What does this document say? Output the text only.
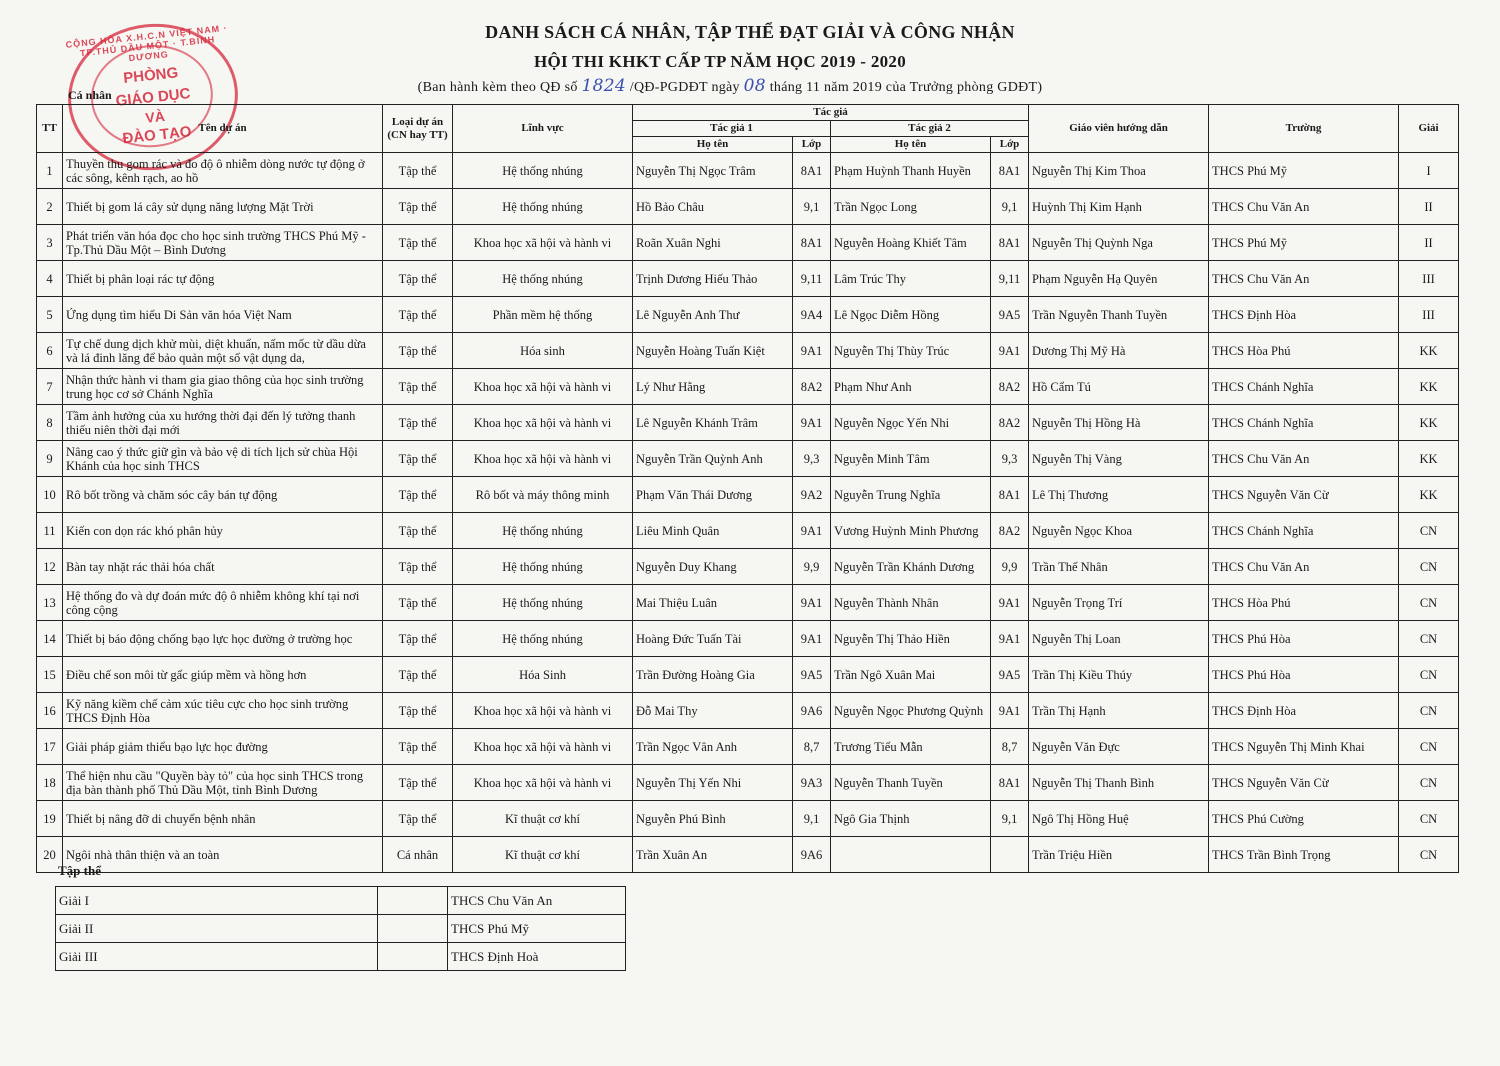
CỘNG HÒA X.H.C.N VIỆT NAM · TP.THỦ DẦU MỘT · T.BÌNH DƯƠNG
PHÒNG
GIÁO DỤC
VÀ
ĐÀO TẠO
DANH SÁCH CÁ NHÂN, TẬP THỂ ĐẠT GIẢI VÀ CÔNG NHẬN
HỘI THI KHKT CẤP TP NĂM HỌC 2019 - 2020
(Ban hành kèm theo QĐ số 1824 /QĐ-PGDĐT ngày 08 tháng 11 năm 2019 của Trưởng phòng GDĐT)
Cá nhân
TT	Tên dự án	Loại dự án (CN hay TT)	Lĩnh vực	Tác giả				Giáo viên hướng dẫn	Trường	Giải
				Tác giả 1		Tác giả 2				
				Họ tên	Lớp	Họ tên	Lớp			
1	Thuyền thu gom rác và đo độ ô nhiễm dòng nước tự động ở các sông, kênh rạch, ao hồ	Tập thể	Hệ thống nhúng	Nguyễn Thị Ngọc Trâm	8A1	Phạm Huỳnh Thanh Huyền	8A1	Nguyễn Thị Kim Thoa	THCS Phú Mỹ	I
2	Thiết bị gom lá cây sử dụng năng lượng Mặt Trời	Tập thể	Hệ thống nhúng	Hồ Bảo Châu	9,1	Trần Ngọc Long	9,1	Huỳnh Thị Kim Hạnh	THCS Chu Văn An	II
3	Phát triển văn hóa đọc cho học sinh trường THCS Phú Mỹ - Tp.Thủ Dầu Một – Bình Dương	Tập thể	Khoa học xã hội và hành vi	Roãn Xuân Nghi	8A1	Nguyễn Hoàng Khiết Tâm	8A1	Nguyễn Thị Quỳnh Nga	THCS Phú Mỹ	II
4	Thiết bị phân loại rác tự động	Tập thể	Hệ thống nhúng	Trịnh Dương Hiếu Thảo	9,11	Lâm Trúc Thy	9,11	Phạm Nguyễn Hạ Quyên	THCS Chu Văn An	III
5	Ứng dụng tìm hiểu Di Sản văn hóa Việt Nam	Tập thể	Phần mềm hệ thống	Lê Nguyễn Anh Thư	9A4	Lê Ngọc Diễm Hồng	9A5	Trần Nguyễn Thanh Tuyền	THCS Định Hòa	III
6	Tự chế dung dịch khử mùi, diệt khuẩn, nấm mốc từ dầu dừa và lá đinh lăng để bảo quản một số vật dụng da,	Tập thể	Hóa sinh	Nguyễn Hoàng Tuấn Kiệt	9A1	Nguyễn Thị Thùy Trúc	9A1	Dương Thị Mỹ Hà	THCS Hòa Phú	KK
7	Nhận thức hành vi tham gia giao thông của học sinh trường trung học cơ sở Chánh Nghĩa	Tập thể	Khoa học xã hội và hành vi	Lý Như Hằng	8A2	Phạm Như Anh	8A2	Hồ Cẩm Tú	THCS Chánh Nghĩa	KK
8	Tầm ảnh hưởng của xu hướng thời đại đến lý tưởng thanh thiếu niên thời đại mới	Tập thể	Khoa học xã hội và hành vi	Lê Nguyễn Khánh Trâm	9A1	Nguyễn Ngọc Yến Nhi	8A2	Nguyễn Thị Hồng Hà	THCS Chánh Nghĩa	KK
9	Nâng cao ý thức giữ gìn và bảo vệ di tích lịch sử chùa Hội Khánh của học sinh THCS	Tập thể	Khoa học xã hội và hành vi	Nguyễn Trần Quỳnh Anh	9,3	Nguyễn Minh Tâm	9,3	Nguyễn Thị Vàng	THCS Chu Văn An	KK
10	Rô bốt trồng và chăm sóc cây bán tự động	Tập thể	Rô bốt và máy thông minh	Phạm Văn Thái Dương	9A2	Nguyễn Trung Nghĩa	8A1	Lê Thị Thương	THCS Nguyễn Văn Cừ	KK
11	Kiến con dọn rác khó phân hủy	Tập thể	Hệ thống nhúng	Liêu Minh Quân	9A1	Vương Huỳnh Minh Phương	8A2	Nguyễn Ngọc Khoa	THCS Chánh Nghĩa	CN
12	Bàn tay nhặt rác thải hóa chất	Tập thể	Hệ thống nhúng	Nguyễn Duy Khang	9,9	Nguyễn Trần Khánh Dương	9,9	Trần Thế Nhân	THCS Chu Văn An	CN
13	Hệ thống đo và dự đoán mức độ ô nhiễm không khí tại nơi công cộng	Tập thể	Hệ thống nhúng	Mai Thiệu Luân	9A1	Nguyễn Thành Nhân	9A1	Nguyễn Trọng Trí	THCS Hòa Phú	CN
14	Thiết bị báo động chống bạo lực học đường ở trường học	Tập thể	Hệ thống nhúng	Hoàng Đức Tuấn Tài	9A1	Nguyễn Thị Thảo Hiền	9A1	Nguyễn Thị Loan	THCS Phú Hòa	CN
15	Điều chế son môi từ gấc giúp mềm và hồng hơn	Tập thể	Hóa Sinh	Trần Đường Hoàng Gia	9A5	Trần Ngô Xuân Mai	9A5	Trần Thị Kiều Thúy	THCS Phú Hòa	CN
16	Kỹ năng kiềm chế cảm xúc tiêu cực cho học sinh trường THCS Định Hòa	Tập thể	Khoa học xã hội và hành vi	Đỗ Mai Thy	9A6	Nguyễn Ngọc Phương Quỳnh	9A1	Trần Thị Hạnh	THCS Định Hòa	CN
17	Giải pháp giảm thiểu bạo lực học đường	Tập thể	Khoa học xã hội và hành vi	Trần Ngọc Vân Anh	8,7	Trương Tiểu Mẫn	8,7	Nguyễn Văn Đực	THCS Nguyễn Thị Minh Khai	CN
18	Thể hiện nhu cầu "Quyền bày tỏ" của học sinh THCS trong địa bàn thành phố Thủ Dầu Một, tỉnh Bình Dương	Tập thể	Khoa học xã hội và hành vi	Nguyễn Thị Yến Nhi	9A3	Nguyễn Thanh Tuyền	8A1	Nguyễn Thị Thanh Bình	THCS Nguyễn Văn Cừ	CN
19	Thiết bị nâng đỡ di chuyển bệnh nhân	Tập thể	Kĩ thuật cơ khí	Nguyễn Phú Bình	9,1	Ngô Gia Thịnh	9,1	Ngô Thị Hồng Huệ	THCS Phú Cường	CN
20	Ngôi nhà thân thiện và an toàn	Cá nhân	Kĩ thuật cơ khí	Trần Xuân An	9A6			Trần Triệu Hiền	THCS Trần Bình Trọng	CN
Tập thể
Giải I		THCS Chu Văn An
Giải II		THCS Phú Mỹ
Giải III		THCS Định Hoà
